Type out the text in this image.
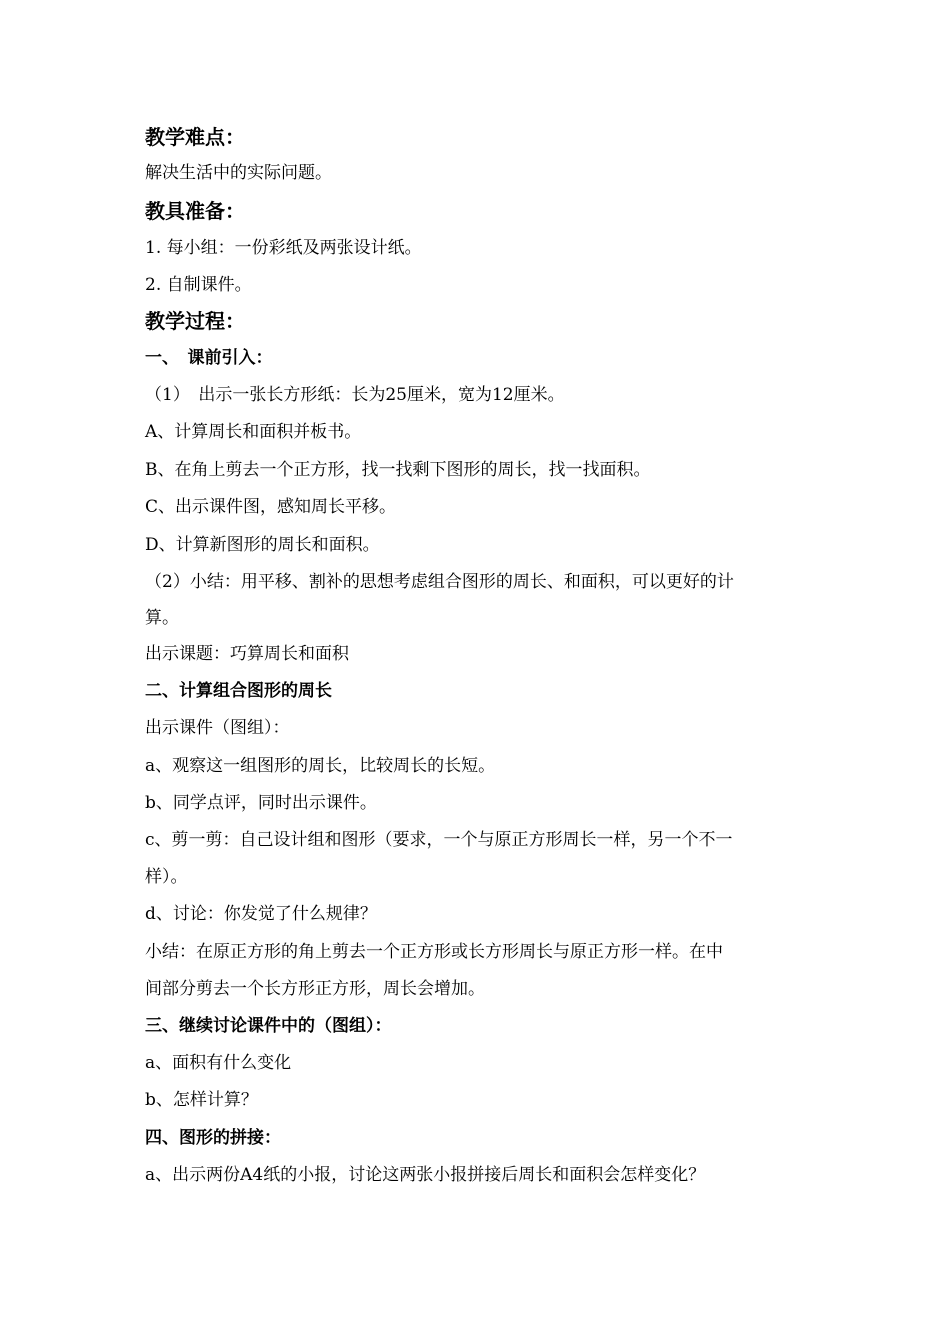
教学难点：
解决生活中的实际问题。
教具准备：
1. 每小组：一份彩纸及两张设计纸。
2. 自制课件。
教学过程：
一、　课前引入：
（1）　出示一张长方形纸：长为25厘米，宽为12厘米。
A、计算周长和面积并板书。
B、在角上剪去一个正方形，找一找剩下图形的周长，找一找面积。
C、出示课件图，感知周长平移。
D、计算新图形的周长和面积。
（2）小结：用平移、割补的思想考虑组合图形的周长、和面积，可以更好的计
算。
出示课题：巧算周长和面积
二、计算组合图形的周长
出示课件（图组）：
a、观察这一组图形的周长，比较周长的长短。
b、同学点评，同时出示课件。
c、剪一剪：自己设计组和图形（要求，一个与原正方形周长一样，另一个不一
样）。
d、讨论：你发觉了什么规律？
小结：在原正方形的角上剪去一个正方形或长方形周长与原正方形一样。在中
间部分剪去一个长方形正方形，周长会增加。
三、继续讨论课件中的（图组）：
a、面积有什么变化
b、怎样计算？
四、图形的拼接：
a、出示两份A4纸的小报，讨论这两张小报拼接后周长和面积会怎样变化？
